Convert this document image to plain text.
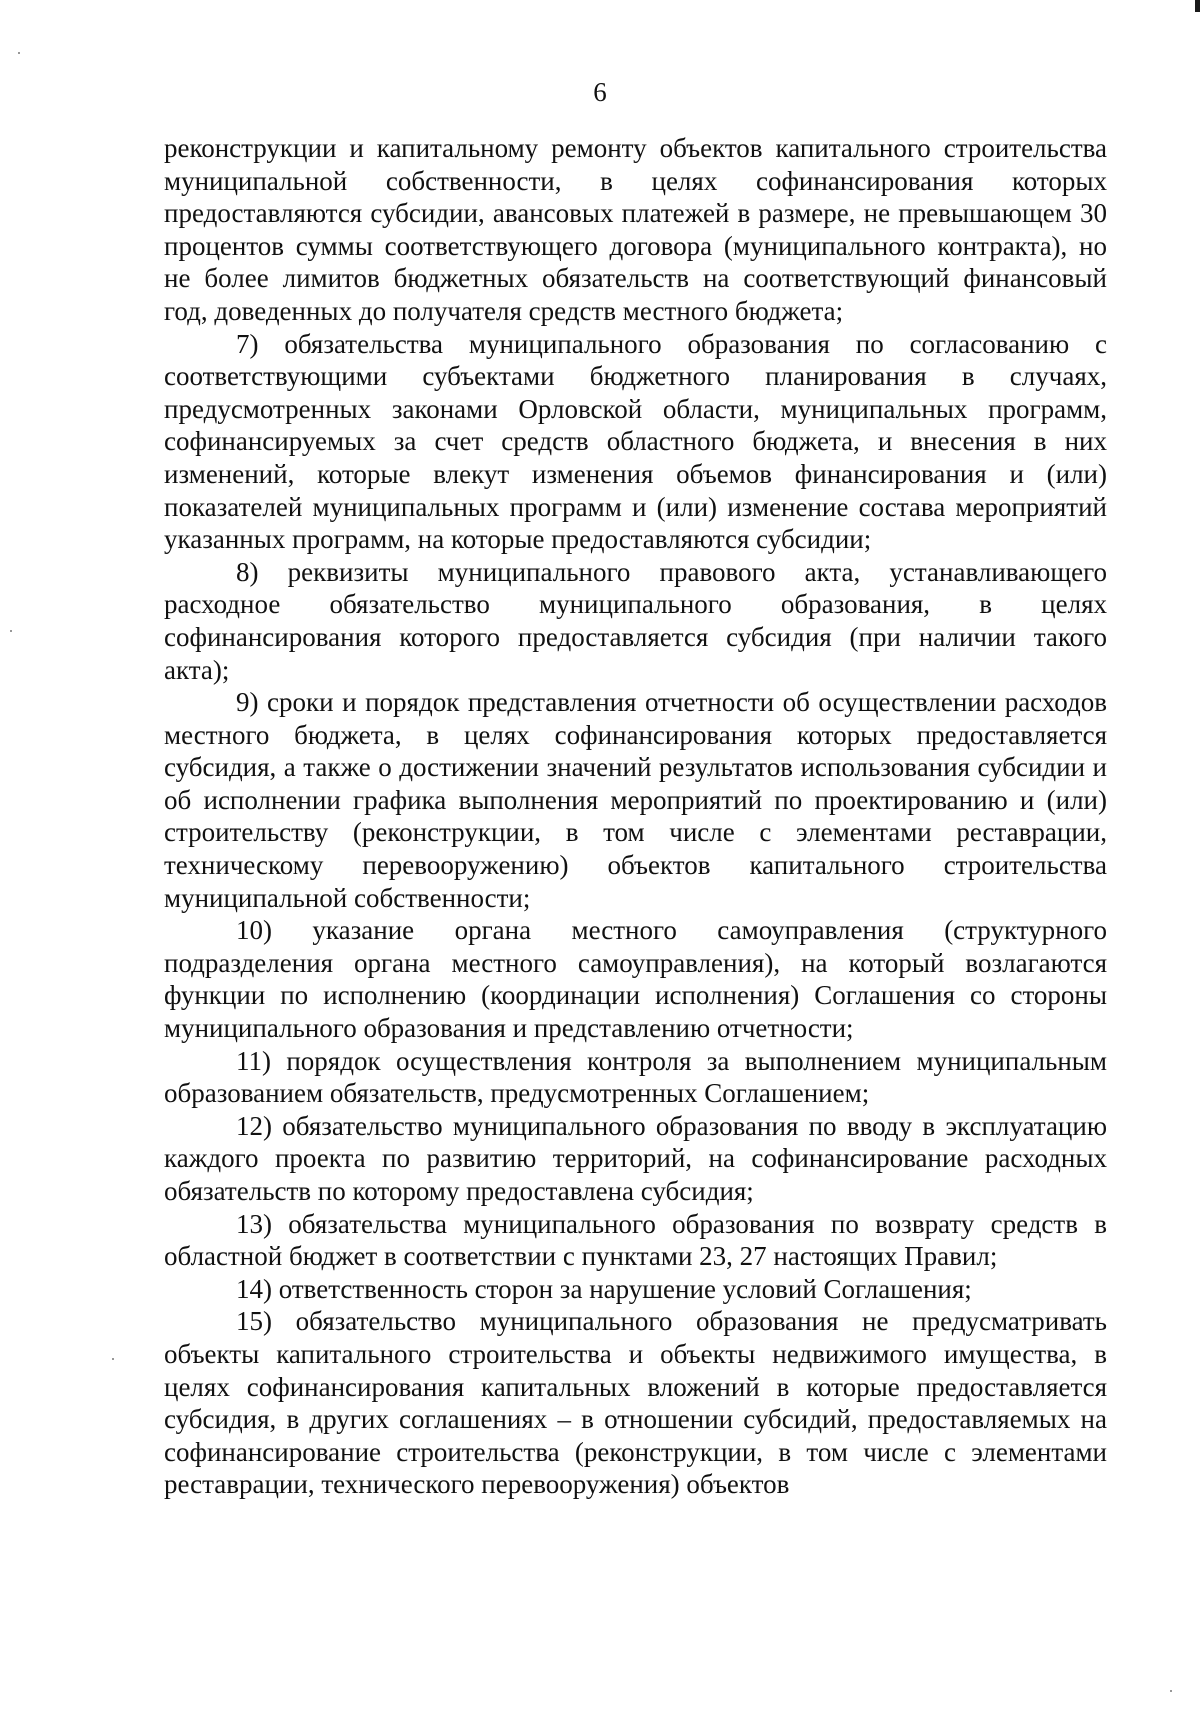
6

реконструкции и капитальному ремонту объектов капитального строительства муниципальной собственности, в целях софинансирования которых предоставляются субсидии, авансовых платежей в размере, не превышающем 30 процентов суммы соответствующего договора (муниципального контракта), но не более лимитов бюджетных обязательств на соответствующий финансовый год, доведенных до получателя средств местного бюджета;

7) обязательства муниципального образования по согласованию с соответствующими субъектами бюджетного планирования в случаях, предусмотренных законами Орловской области, муниципальных программ, софинансируемых за счет средств областного бюджета, и внесения в них изменений, которые влекут изменения объемов финансирования и (или) показателей муниципальных программ и (или) изменение состава мероприятий указанных программ, на которые предоставляются субсидии;

8) реквизиты муниципального правового акта, устанавливающего расходное обязательство муниципального образования, в целях софинансирования которого предоставляется субсидия (при наличии такого акта);

9) сроки и порядок представления отчетности об осуществлении расходов местного бюджета, в целях софинансирования которых предоставляется субсидия, а также о достижении значений результатов использования субсидии и об исполнении графика выполнения мероприятий по проектированию и (или) строительству (реконструкции, в том числе с элементами реставрации, техническому перевооружению) объектов капитального строительства муниципальной собственности;

10) указание органа местного самоуправления (структурного подразделения органа местного самоуправления), на который возлагаются функции по исполнению (координации исполнения) Соглашения со стороны муниципального образования и представлению отчетности;

11) порядок осуществления контроля за выполнением муниципальным образованием обязательств, предусмотренных Соглашением;

12) обязательство муниципального образования по вводу в эксплуатацию каждого проекта по развитию территорий, на софинансирование расходных обязательств по которому предоставлена субсидия;

13) обязательства муниципального образования по возврату средств в областной бюджет в соответствии с пунктами 23, 27 настоящих Правил;

14) ответственность сторон за нарушение условий Соглашения;

15) обязательство муниципального образования не предусматривать объекты капитального строительства и объекты недвижимого имущества, в целях софинансирования капитальных вложений в которые предоставляется субсидия, в других соглашениях – в отношении субсидий, предоставляемых на софинансирование строительства (реконструкции, в том числе с элементами реставрации, технического перевооружения) объектов
